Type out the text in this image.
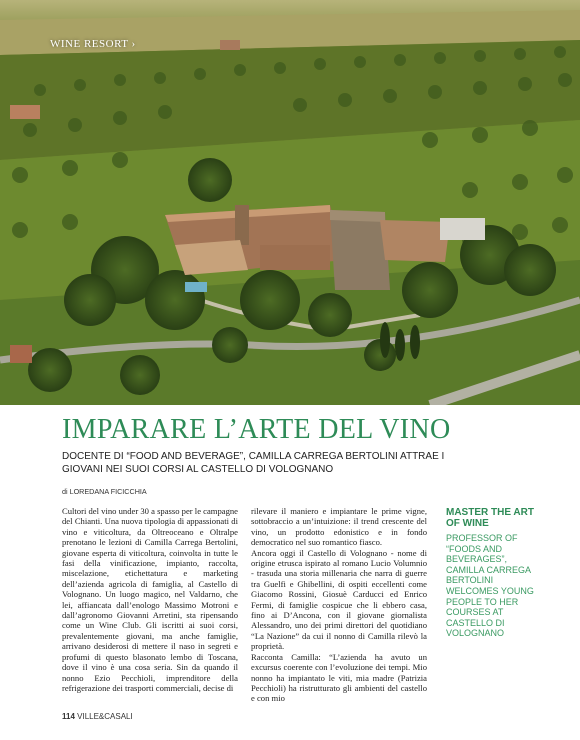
WINE RESORT ›
IMPARARE L’ARTE DEL VINO
DOCENTE DI “FOOD AND BEVERAGE”, CAMILLA CARREGA BERTOLINI ATTRAE I GIOVANI NEI SUOI CORSI AL CASTELLO DI VOLOGNANO
di LOREDANA FICICCHIA

Cultori del vino under 30 a spasso per le campagne del Chianti. Una nuova tipologia di appassionati di vino e viticoltura, da Oltreoceano e Oltralpe prenotano le lezioni di Camilla Carrega Bertolini, giovane esperta di viticoltura, coinvolta in tutte le fasi della vinificazione, impianto, raccolta, miscelazione, etichettatura e marketing dell’azienda agricola di famiglia, al Castello di Volognano. Un luogo magico, nel Valdarno, che lei, affiancata dall’enologo Massimo Motroni e dall’agronomo Giovanni Arretini, sta ripensando come un Wine Club. Gli iscritti ai suoi corsi, prevalentemente giovani, ma anche famiglie, arrivano desiderosi di mettere il naso in segreti e profumi di questo blasonato lembo di Toscana, dove il vino è una cosa seria. Sin da quando il nonno Ezio Pecchioli, imprenditore della refrigerazione dei trasporti commerciali, decise di

rilevare il maniero e impiantare le prime vigne, sottobraccio a un’intuizione: il trend crescente del vino, un prodotto edonistico e in fondo democratico nel suo romantico fiasco.

Ancora oggi il Castello di Volognano - nome di origine etrusca ispirato al romano Lucio Volumnio - trasuda una storia millenaria che narra di guerre tra Guelfi e Ghibellini, di ospiti eccellenti come Giacomo Rossini, Giosuè Carducci ed Enrico Fermi, di famiglie cospicue che li ebbero casa, fino ai D’Ancona, con il giovane giornalista Alessandro, uno dei primi direttori del quotidiano “La Nazione” da cui il nonno di Camilla rilevò la proprietà.

Racconta Camilla: “L’azienda ha avuto un excursus coerente con l’evoluzione dei tempi. Mio nonno ha impiantato le viti, mia madre (Patrizia Pecchioli) ha ristrutturato gli ambienti del castello e con mio

MASTER THE ART OF WINE
PROFESSOR OF “FOODS AND BEVERAGES”, CAMILLA CARREGA BERTOLINI WELCOMES YOUNG PEOPLE TO HER COURSES AT CASTELLO DI VOLOGNANO
114 VILLE&CASALI
